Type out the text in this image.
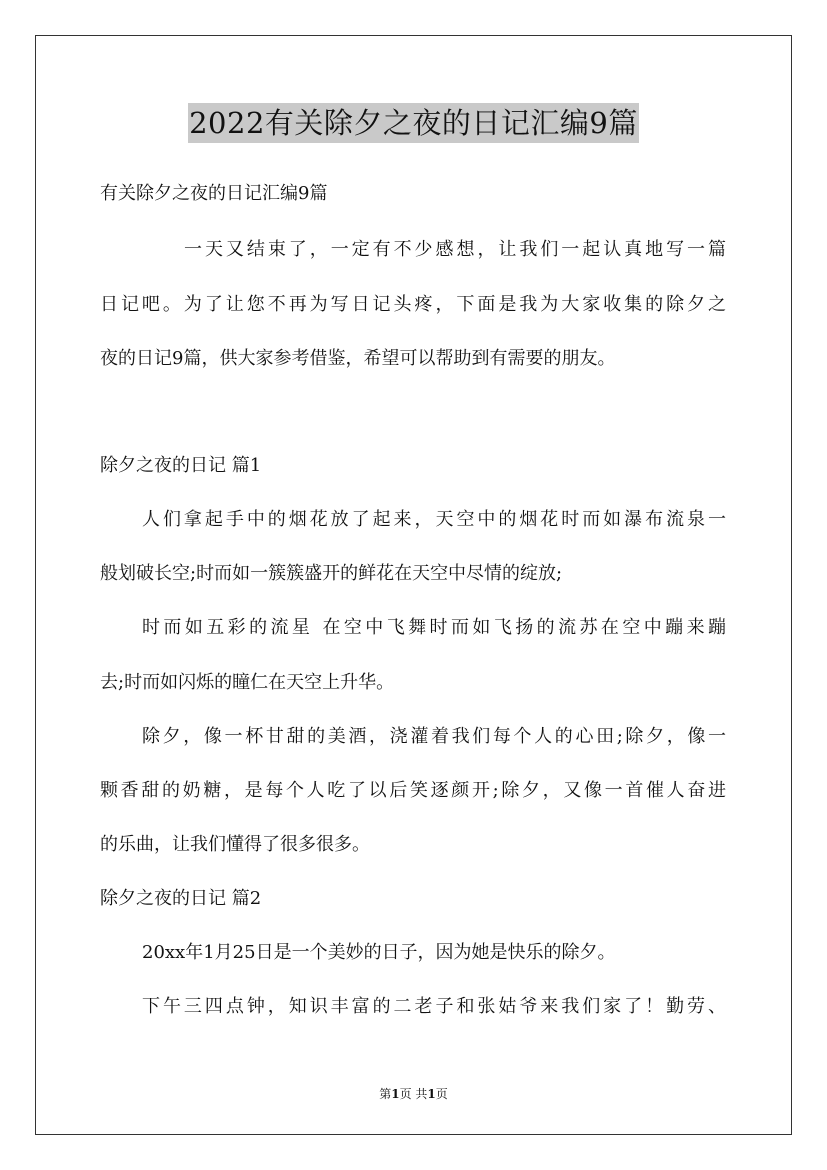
2022有关除夕之夜的日记汇编9篇
有关除夕之夜的日记汇编9篇
一天又结束了，一定有不少感想，让我们一起认真地写一篇
日记吧。为了让您不再为写日记头疼，下面是我为大家收集的除夕之
夜的日记9篇，供大家参考借鉴，希望可以帮助到有需要的朋友。
除夕之夜的日记 篇1
人们拿起手中的烟花放了起来，天空中的烟花时而如瀑布流泉一
般划破长空;时而如一簇簇盛开的鲜花在天空中尽情的绽放;
时而如五彩的流星 在空中飞舞时而如飞扬的流苏在空中蹦来蹦
去;时而如闪烁的瞳仁在天空上升华。
除夕，像一杯甘甜的美酒，浇灌着我们每个人的心田;除夕，像一
颗香甜的奶糖，是每个人吃了以后笑逐颜开;除夕，又像一首催人奋进
的乐曲，让我们懂得了很多很多。
除夕之夜的日记 篇2
20xx年1月25日是一个美妙的日子，因为她是快乐的除夕。
下午三四点钟，知识丰富的二老子和张姑爷来我们家了！勤劳、
第1页 共1页
